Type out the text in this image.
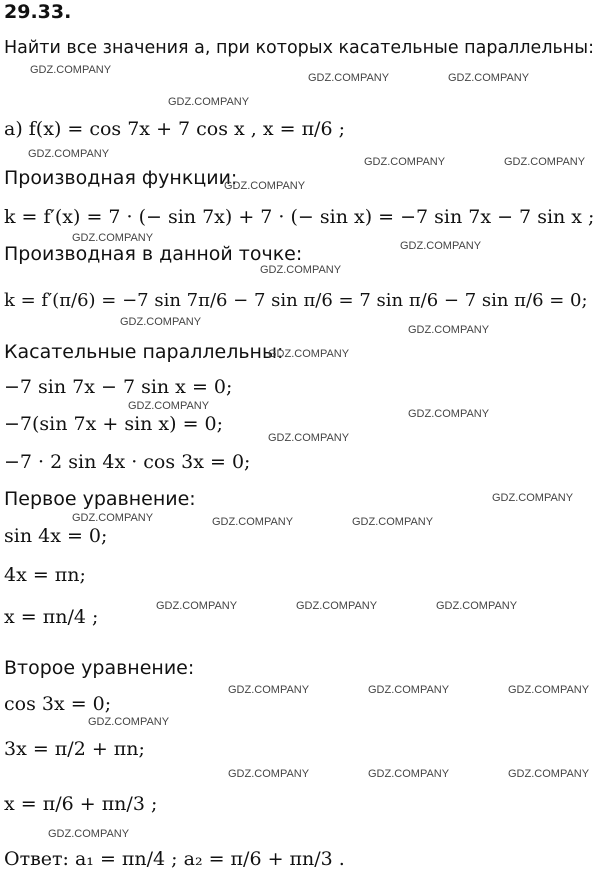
29.33.
Найти все значения a, при которых касательные параллельны:
а) f(x) = cos 7x + 7 cos x , x = π/6 ;
Производная функции:
k = f′(x) = 7 · (− sin 7x) + 7 · (− sin x) = −7 sin 7x − 7 sin x ;
Производная в данной точке:
k = f′(π/6) = −7 sin 7π/6 − 7 sin π/6 = 7 sin π/6 − 7 sin π/6 = 0;
Касательные параллельны:
−7 sin 7x − 7 sin x = 0;
−7(sin 7x + sin x) = 0;
−7 · 2 sin 4x · cos 3x = 0;
Первое уравнение:
sin 4x = 0;
4x = πn;
x = πn/4 ;
Второе уравнение:
cos 3x = 0;
3x = π/2 + πn;
x = π/6 + πn/3 ;
Ответ: a₁ = πn/4 ; a₂ = π/6 + πn/3 .
GDZ.COMPANY
GDZ.COMPANY	GDZ.COMPANY
GDZ.COMPANY
GDZ.COMPANY
GDZ.COMPANY	GDZ.COMPANY
GDZ.COMPANY
GDZ.COMPANY
GDZ.COMPANY
GDZ.COMPANY
GDZ.COMPANY
GDZ.COMPANY
GDZ.COMPANY
GDZ.COMPANY
GDZ.COMPANY
GDZ.COMPANY
GDZ.COMPANY
GDZ.COMPANY	GDZ.COMPANY	GDZ.COMPANY
GDZ.COMPANY	GDZ.COMPANY	GDZ.COMPANY
GDZ.COMPANY	GDZ.COMPANY	GDZ.COMPANY
GDZ.COMPANY
GDZ.COMPANY	GDZ.COMPANY	GDZ.COMPANY
GDZ.COMPANY
